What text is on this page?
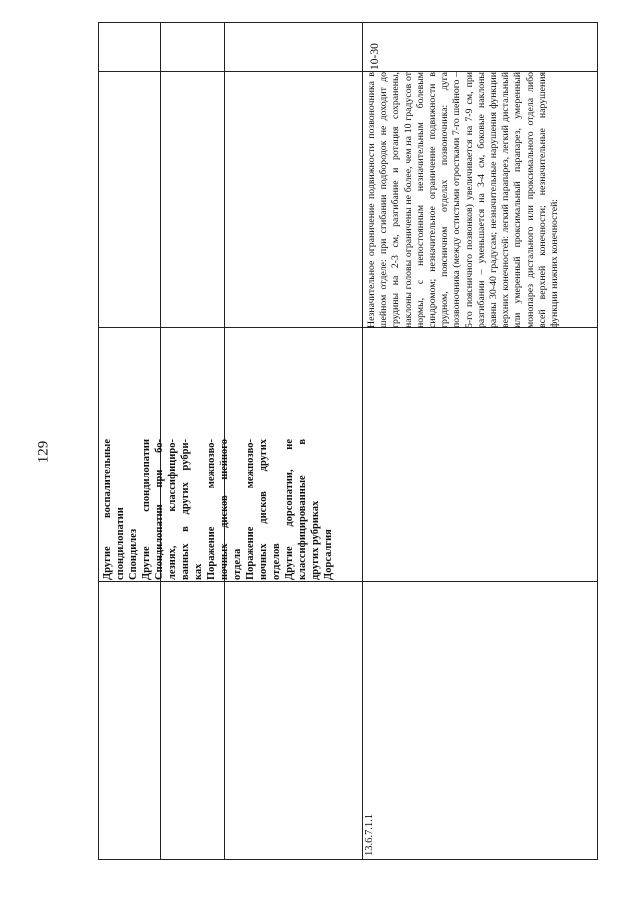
129
13.6.7.1.1
Другие воспалительные спондилопатии Спондилез Другие спондилопатии Спондилопатии при бо- лезнях, классифициро- ванных в других рубри- ках Поражение межпозво- ночных дисков шейного отдела Поражение межпозво- ночных дисков других отделов Другие дорсопатии, не классифицированные в других рубриках Дорсалгия

Незначительное ограничение подвижности позвоночника в шейном отделе: при сгибании подбородок не доходит до грудины на 2-3 см, разгибание и ротация сохранены, наклоны головы ограничены не более, чем на 10 градусов от нормы, с непостоянным незначительным болевым синдромом; незначительное ограничение подвижности в грудном, поясничном отделах позвоночника: дуга позвоночника (между остистыми отростками 7-го шейного – 5-го поясничного позвонков) увеличивается на 7-9 см, при разгибании – уменьшается на 3-4 см, боковые наклоны равны 30-40 градусам; незначительные нарушения функции верхних конечностей: легкий парапарез, легкий дистальный или умеренный проксимальный парапарез, умеренный монопарез дистального или проксимального отдела либо всей верхней конечности; незначительные нарушения функции нижних конечностей:

10-30
